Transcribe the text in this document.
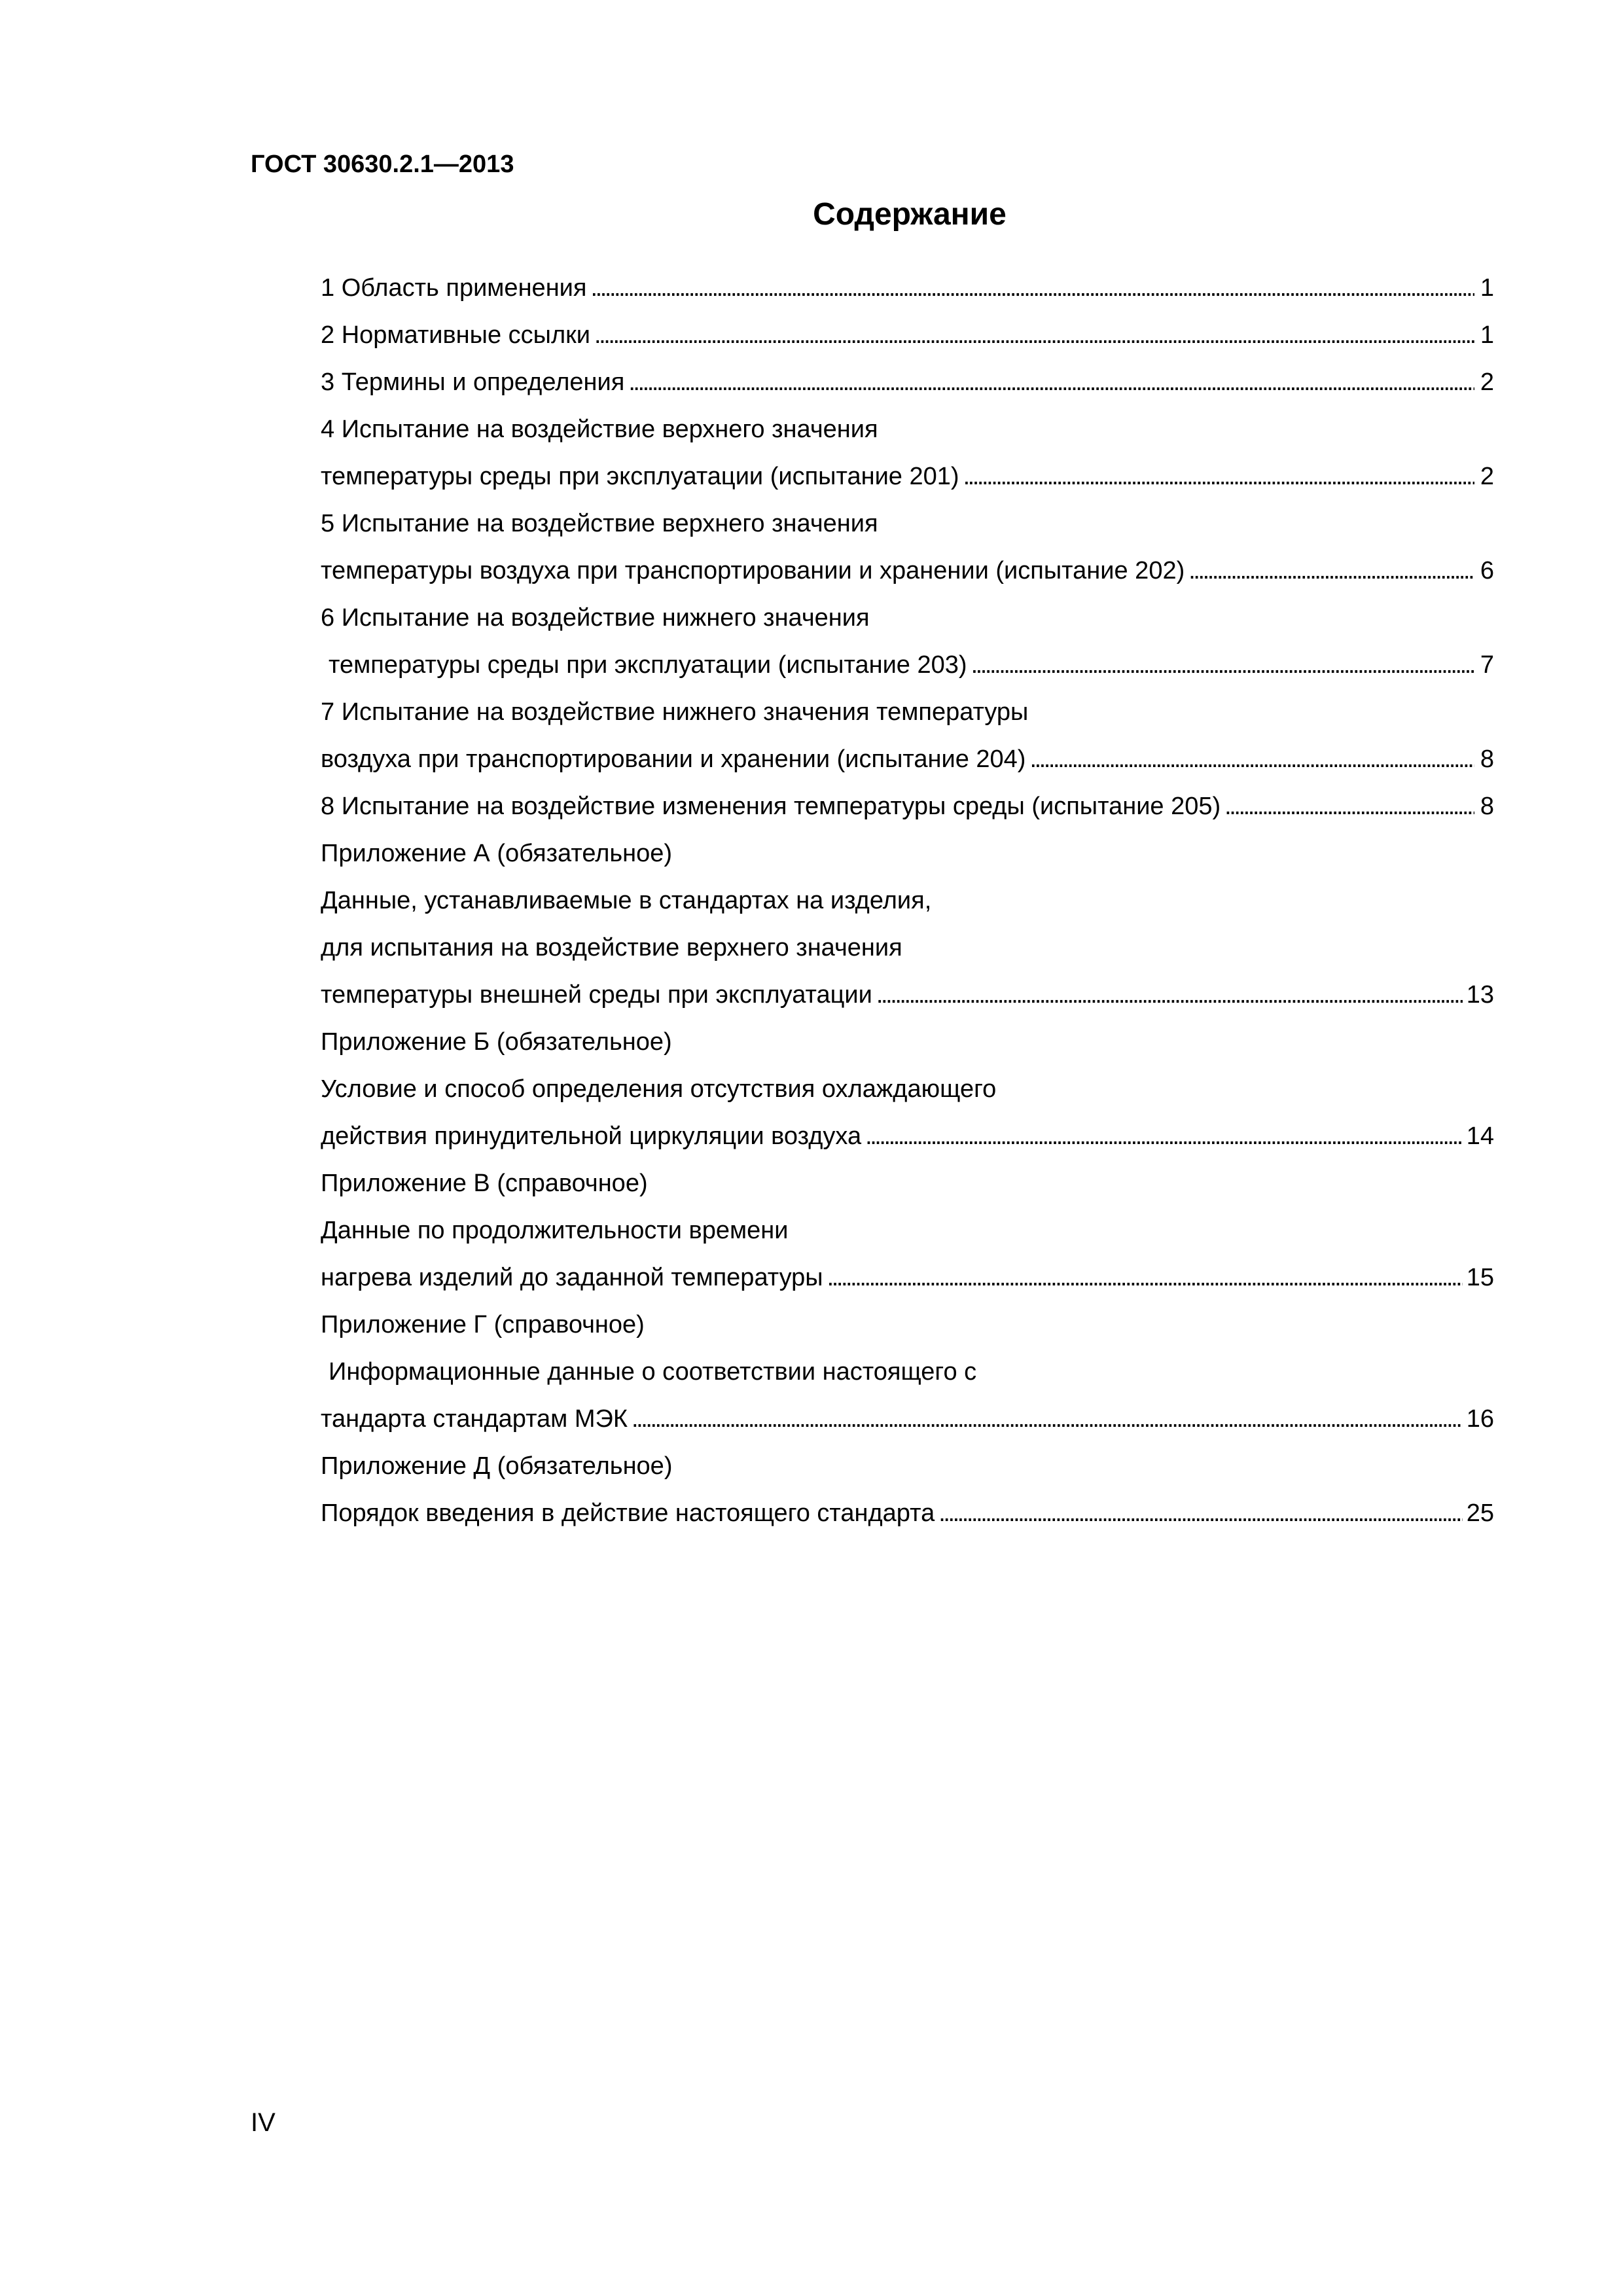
ГОСТ 30630.2.1—2013
Содержание
1 Область применения . . .	1
2 Нормативные ссылки . . .	1
3 Термины и определения . . .	2
4 Испытание на воздействие верхнего значения
температуры среды при эксплуатации (испытание 201) . . .	2
5 Испытание на воздействие верхнего значения
температуры воздуха при транспортировании и хранении (испытание 202) . . .	6
6 Испытание на воздействие нижнего значения
температуры среды при эксплуатации (испытание 203) . . .	7
7 Испытание на воздействие нижнего значения температуры
воздуха при транспортировании и хранении (испытание 204) . . .	8
8 Испытание на воздействие изменения температуры среды (испытание 205) . . .	8
Приложение А (обязательное)
Данные, устанавливаемые в стандартах на изделия,
для испытания на воздействие верхнего значения
температуры внешней среды при эксплуатации . . .	13
Приложение Б (обязательное)
Условие и способ определения отсутствия охлаждающего
действия принудительной циркуляции воздуха . . .	14
Приложение В (справочное)
Данные по продолжительности времени
нагрева изделий до заданной температуры . . .	15
Приложение Г (справочное)
Информационные данные о соответствии настоящего с
тандарта стандартам МЭК . . .	16
Приложение Д (обязательное)
Порядок введения в действие настоящего стандарта . . .	25
IV
